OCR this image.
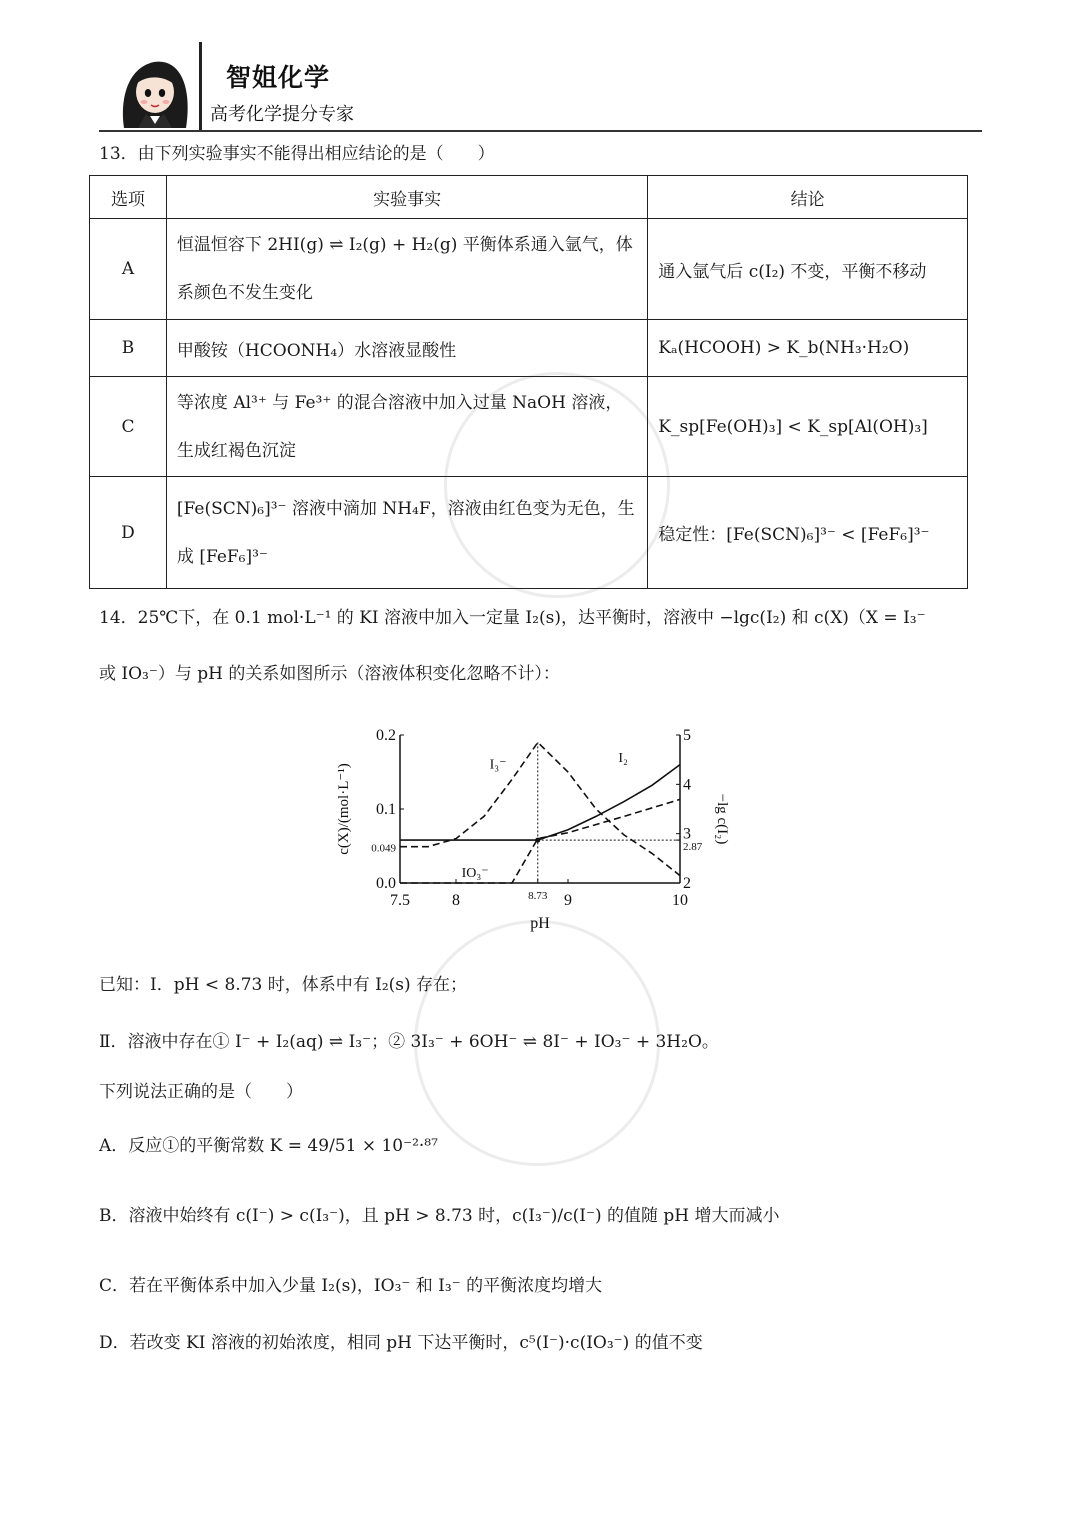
智姐化学
高考化学提分专家
13．由下列实验事实不能得出相应结论的是（　　）
选项	实验事实	结论
A	恒温恒容下 2HI(g) ⇌ I₂(g) + H₂(g) 平衡体系通入氩气，体系颜色不发生变化	通入氩气后 c(I₂) 不变，平衡不移动
B	甲酸铵（HCOONH₄）水溶液显酸性	Kₐ(HCOOH) > K_b(NH₃·H₂O)
C	等浓度 Al³⁺ 与 Fe³⁺ 的混合溶液中加入过量 NaOH 溶液，生成红褐色沉淀	K_sp[Fe(OH)₃] < K_sp[Al(OH)₃]
D	[Fe(SCN)₆]³⁻ 溶液中滴加 NH₄F，溶液由红色变为无色，生成 [FeF₆]³⁻	稳定性：[Fe(SCN)₆]³⁻ < [FeF₆]³⁻
14．25℃下，在 0.1 mol·L⁻¹ 的 KI 溶液中加入一定量 I₂(s)，达平衡时，溶液中 −lgc(I₂) 和 c(X)（X = I₃⁻
或 IO₃⁻）与 pH 的关系如图所示（溶液体积变化忽略不计）：
7.5	8	8.73 9	10
0.0
0.049
0.1
0.2
2
2.87
3
4
5
pH
c(X)/(mol·L⁻¹)	−lg c(I₂)
I₃⁻
IO₃⁻
I₂
已知：Ⅰ．pH < 8.73 时，体系中有 I₂(s) 存在；
Ⅱ．溶液中存在① I⁻ + I₂(aq) ⇌ I₃⁻；② 3I₃⁻ + 6OH⁻ ⇌ 8I⁻ + IO₃⁻ + 3H₂O。
下列说法正确的是（　　）
A．反应①的平衡常数 K = 49/51 × 10⁻²·⁸⁷
B．溶液中始终有 c(I⁻) > c(I₃⁻)，且 pH > 8.73 时，c(I₃⁻)/c(I⁻) 的值随 pH 增大而减小
C．若在平衡体系中加入少量 I₂(s)，IO₃⁻ 和 I₃⁻ 的平衡浓度均增大
D．若改变 KI 溶液的初始浓度，相同 pH 下达平衡时，c⁵(I⁻)·c(IO₃⁻) 的值不变
